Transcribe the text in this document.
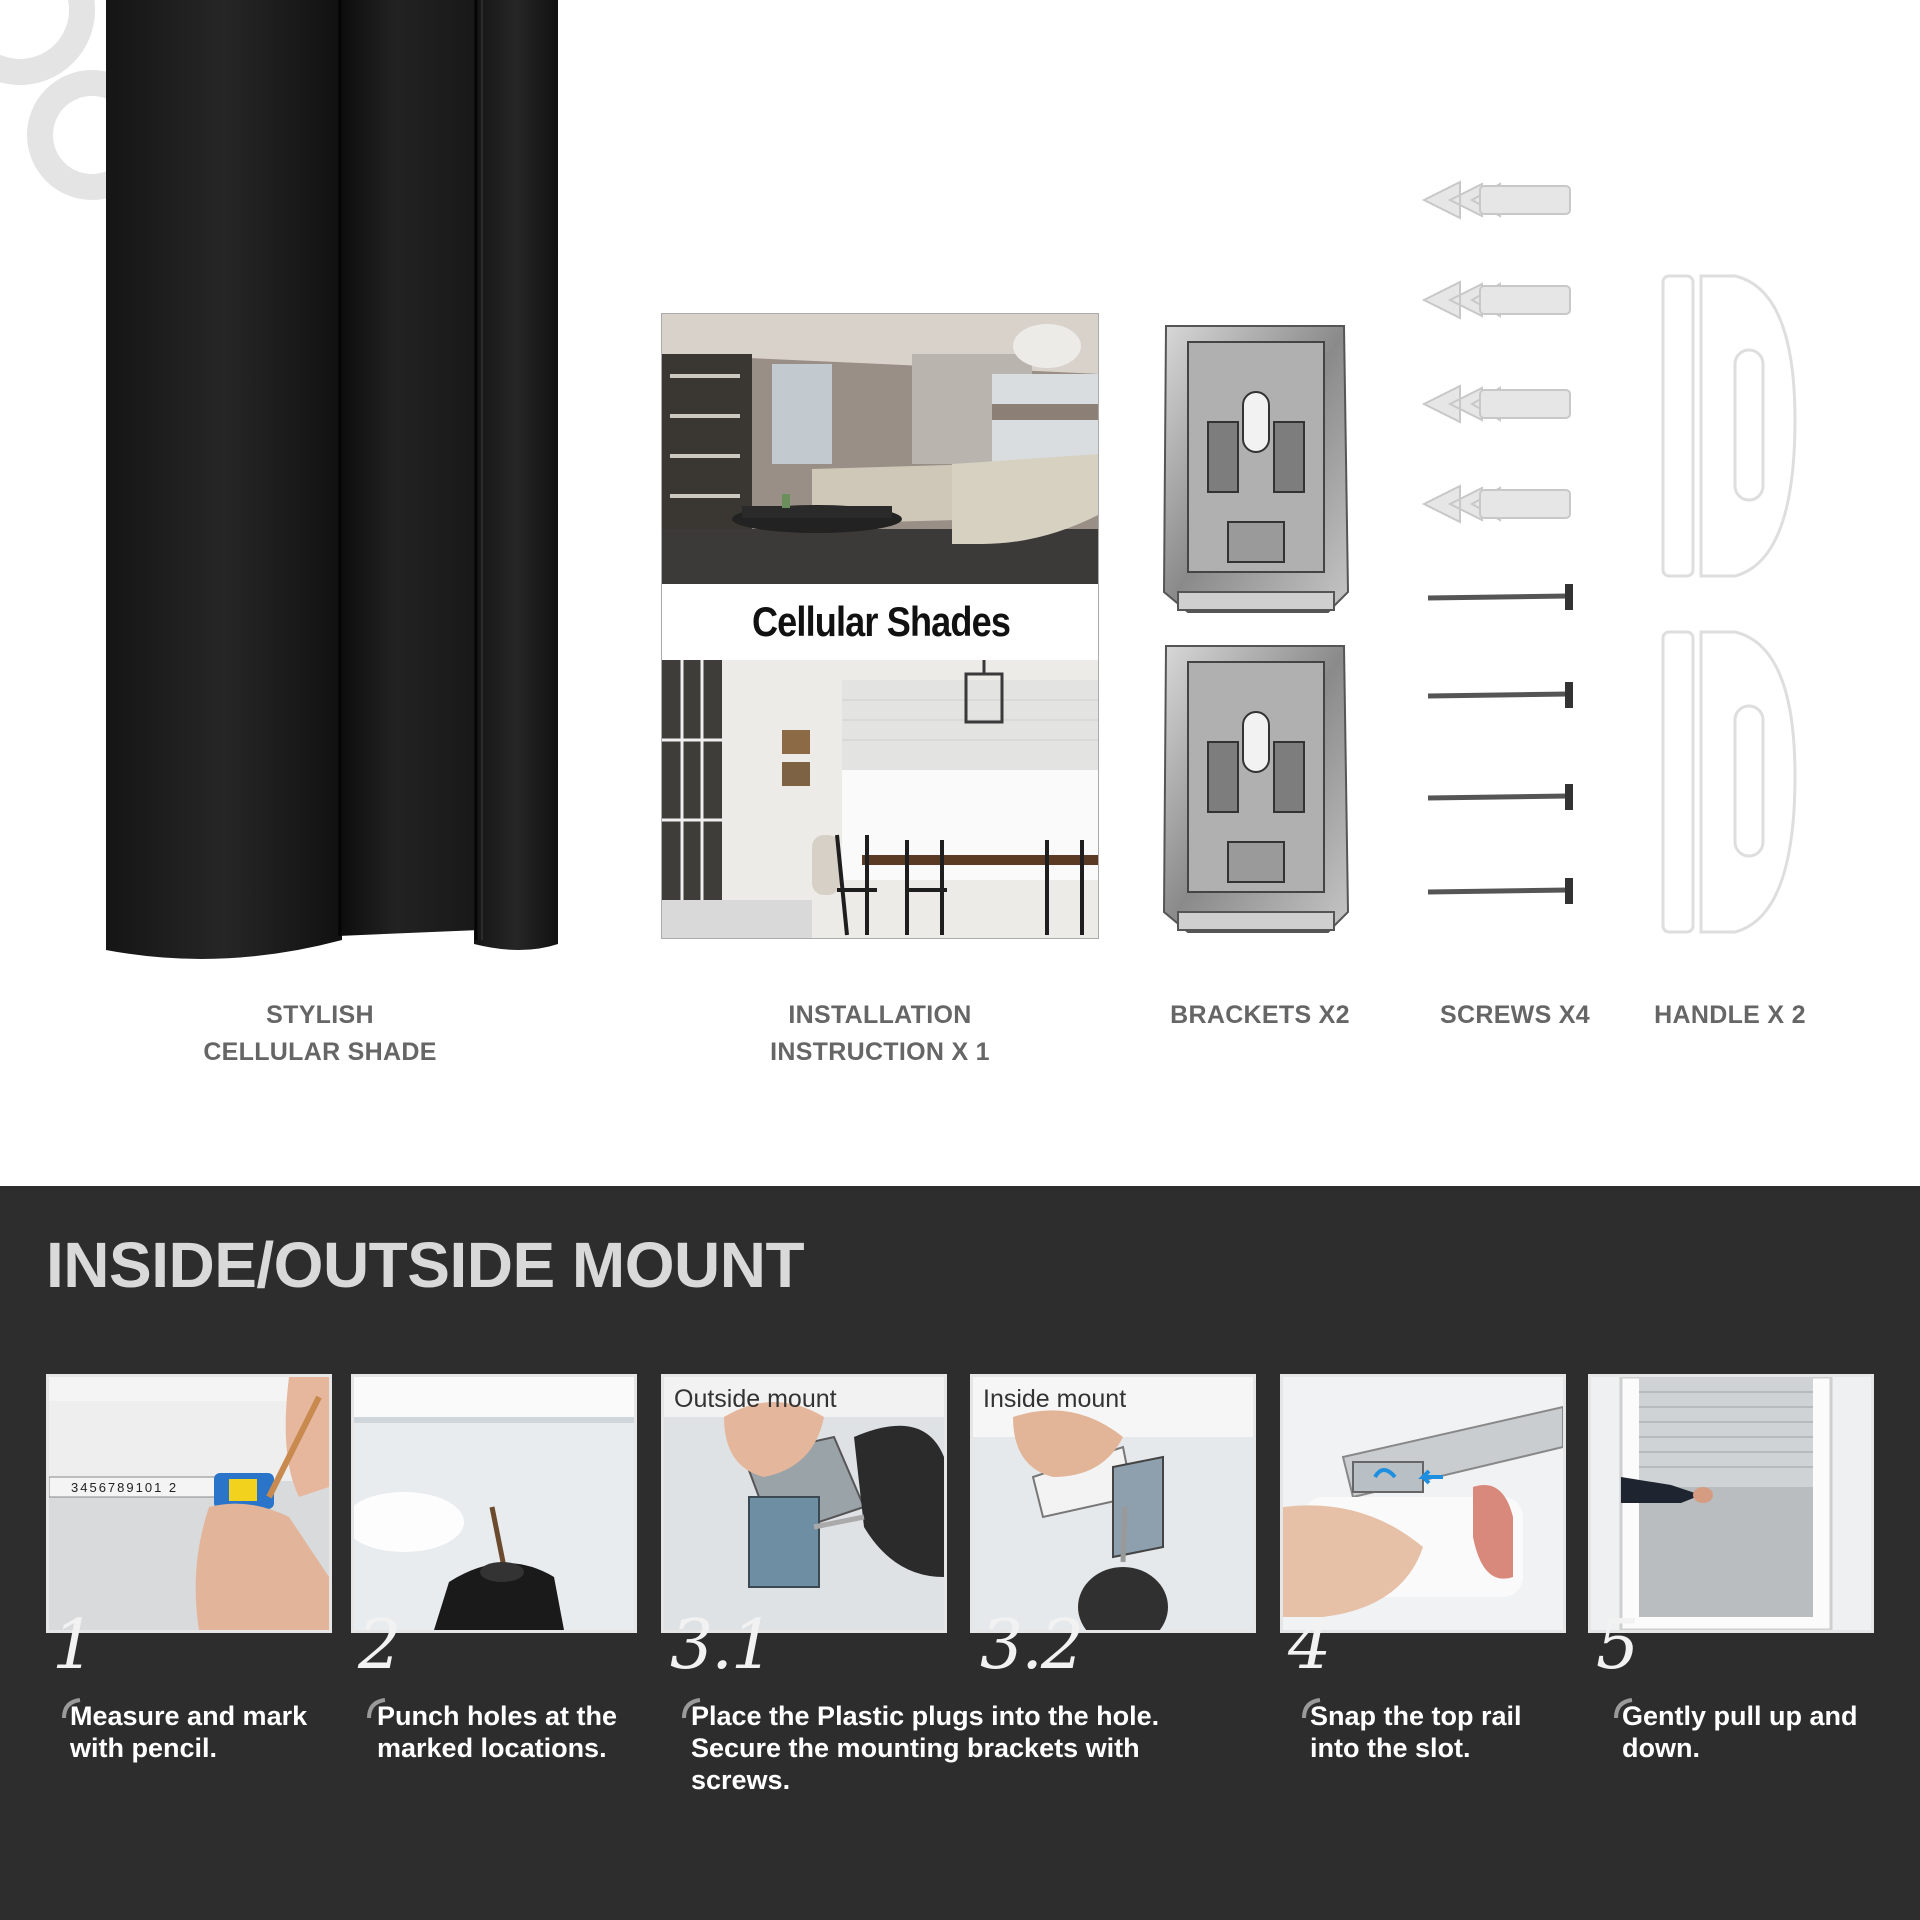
Cellular Shades
STYLISH
CELLULAR SHADE
INSTALLATION
INSTRUCTION X 1
BRACKETS X2	SCREWS X4	HANDLE X 2
INSIDE/OUTSIDE MOUNT
3456789101 2
1
Measure and mark
with pencil.
2
Punch holes at the
marked locations.
Outside mount
3.1
Place the Plastic plugs into the hole.
Secure the mounting brackets with
screws.
Inside mount
3.2	4
Snap the top rail
into the slot.
5
Gently pull up and
down.
